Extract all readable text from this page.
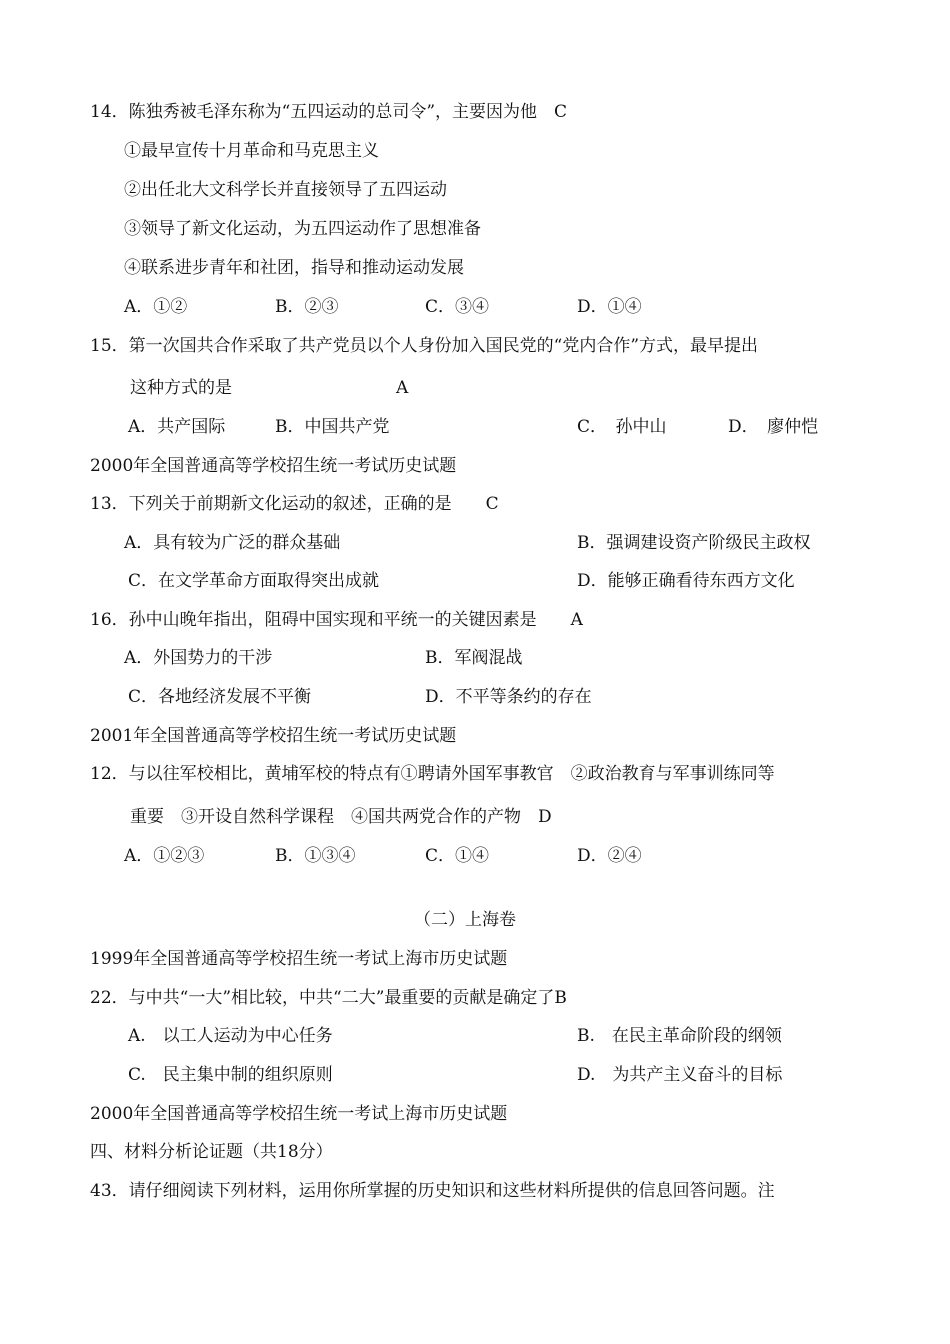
14．陈独秀被毛泽东称为“五四运动的总司令”，主要因为他　C
①最早宣传十月革命和马克思主义
②出任北大文科学长并直接领导了五四运动
③领导了新文化运动，为五四运动作了思想准备
④联系进步青年和社团，指导和推动运动发展
A．①②	B．②③	C．③④	D．①④
15．第一次国共合作采取了共产党员以个人身份加入国民党的“党内合作”方式，最早提出
这种方式的是	A
A．共产国际	B．中国共产党	C．　孙中山	D．　廖仲恺
2000年全国普通高等学校招生统一考试历史试题
13．下列关于前期新文化运动的叙述，正确的是　　C
A．具有较为广泛的群众基础	B．强调建设资产阶级民主政权
C．在文学革命方面取得突出成就	D．能够正确看待东西方文化
16．孙中山晚年指出，阻碍中国实现和平统一的关键因素是　　A
A．外国势力的干涉	B．军阀混战
C．各地经济发展不平衡	D．不平等条约的存在
2001年全国普通高等学校招生统一考试历史试题
12．与以往军校相比，黄埔军校的特点有①聘请外国军事教官　②政治教育与军事训练同等
重要　③开设自然科学课程　④国共两党合作的产物　D
A．①②③	B．①③④	C．①④	D．②④
（二）上海卷
1999年全国普通高等学校招生统一考试上海市历史试题
22．与中共“一大”相比较，中共“二大”最重要的贡献是确定了B
A.　以工人运动为中心任务	B.　在民主革命阶段的纲领
C.　民主集中制的组织原则	D.　为共产主义奋斗的目标
2000年全国普通高等学校招生统一考试上海市历史试题
四、材料分析论证题（共18分）
43．请仔细阅读下列材料，运用你所掌握的历史知识和这些材料所提供的信息回答问题。注
